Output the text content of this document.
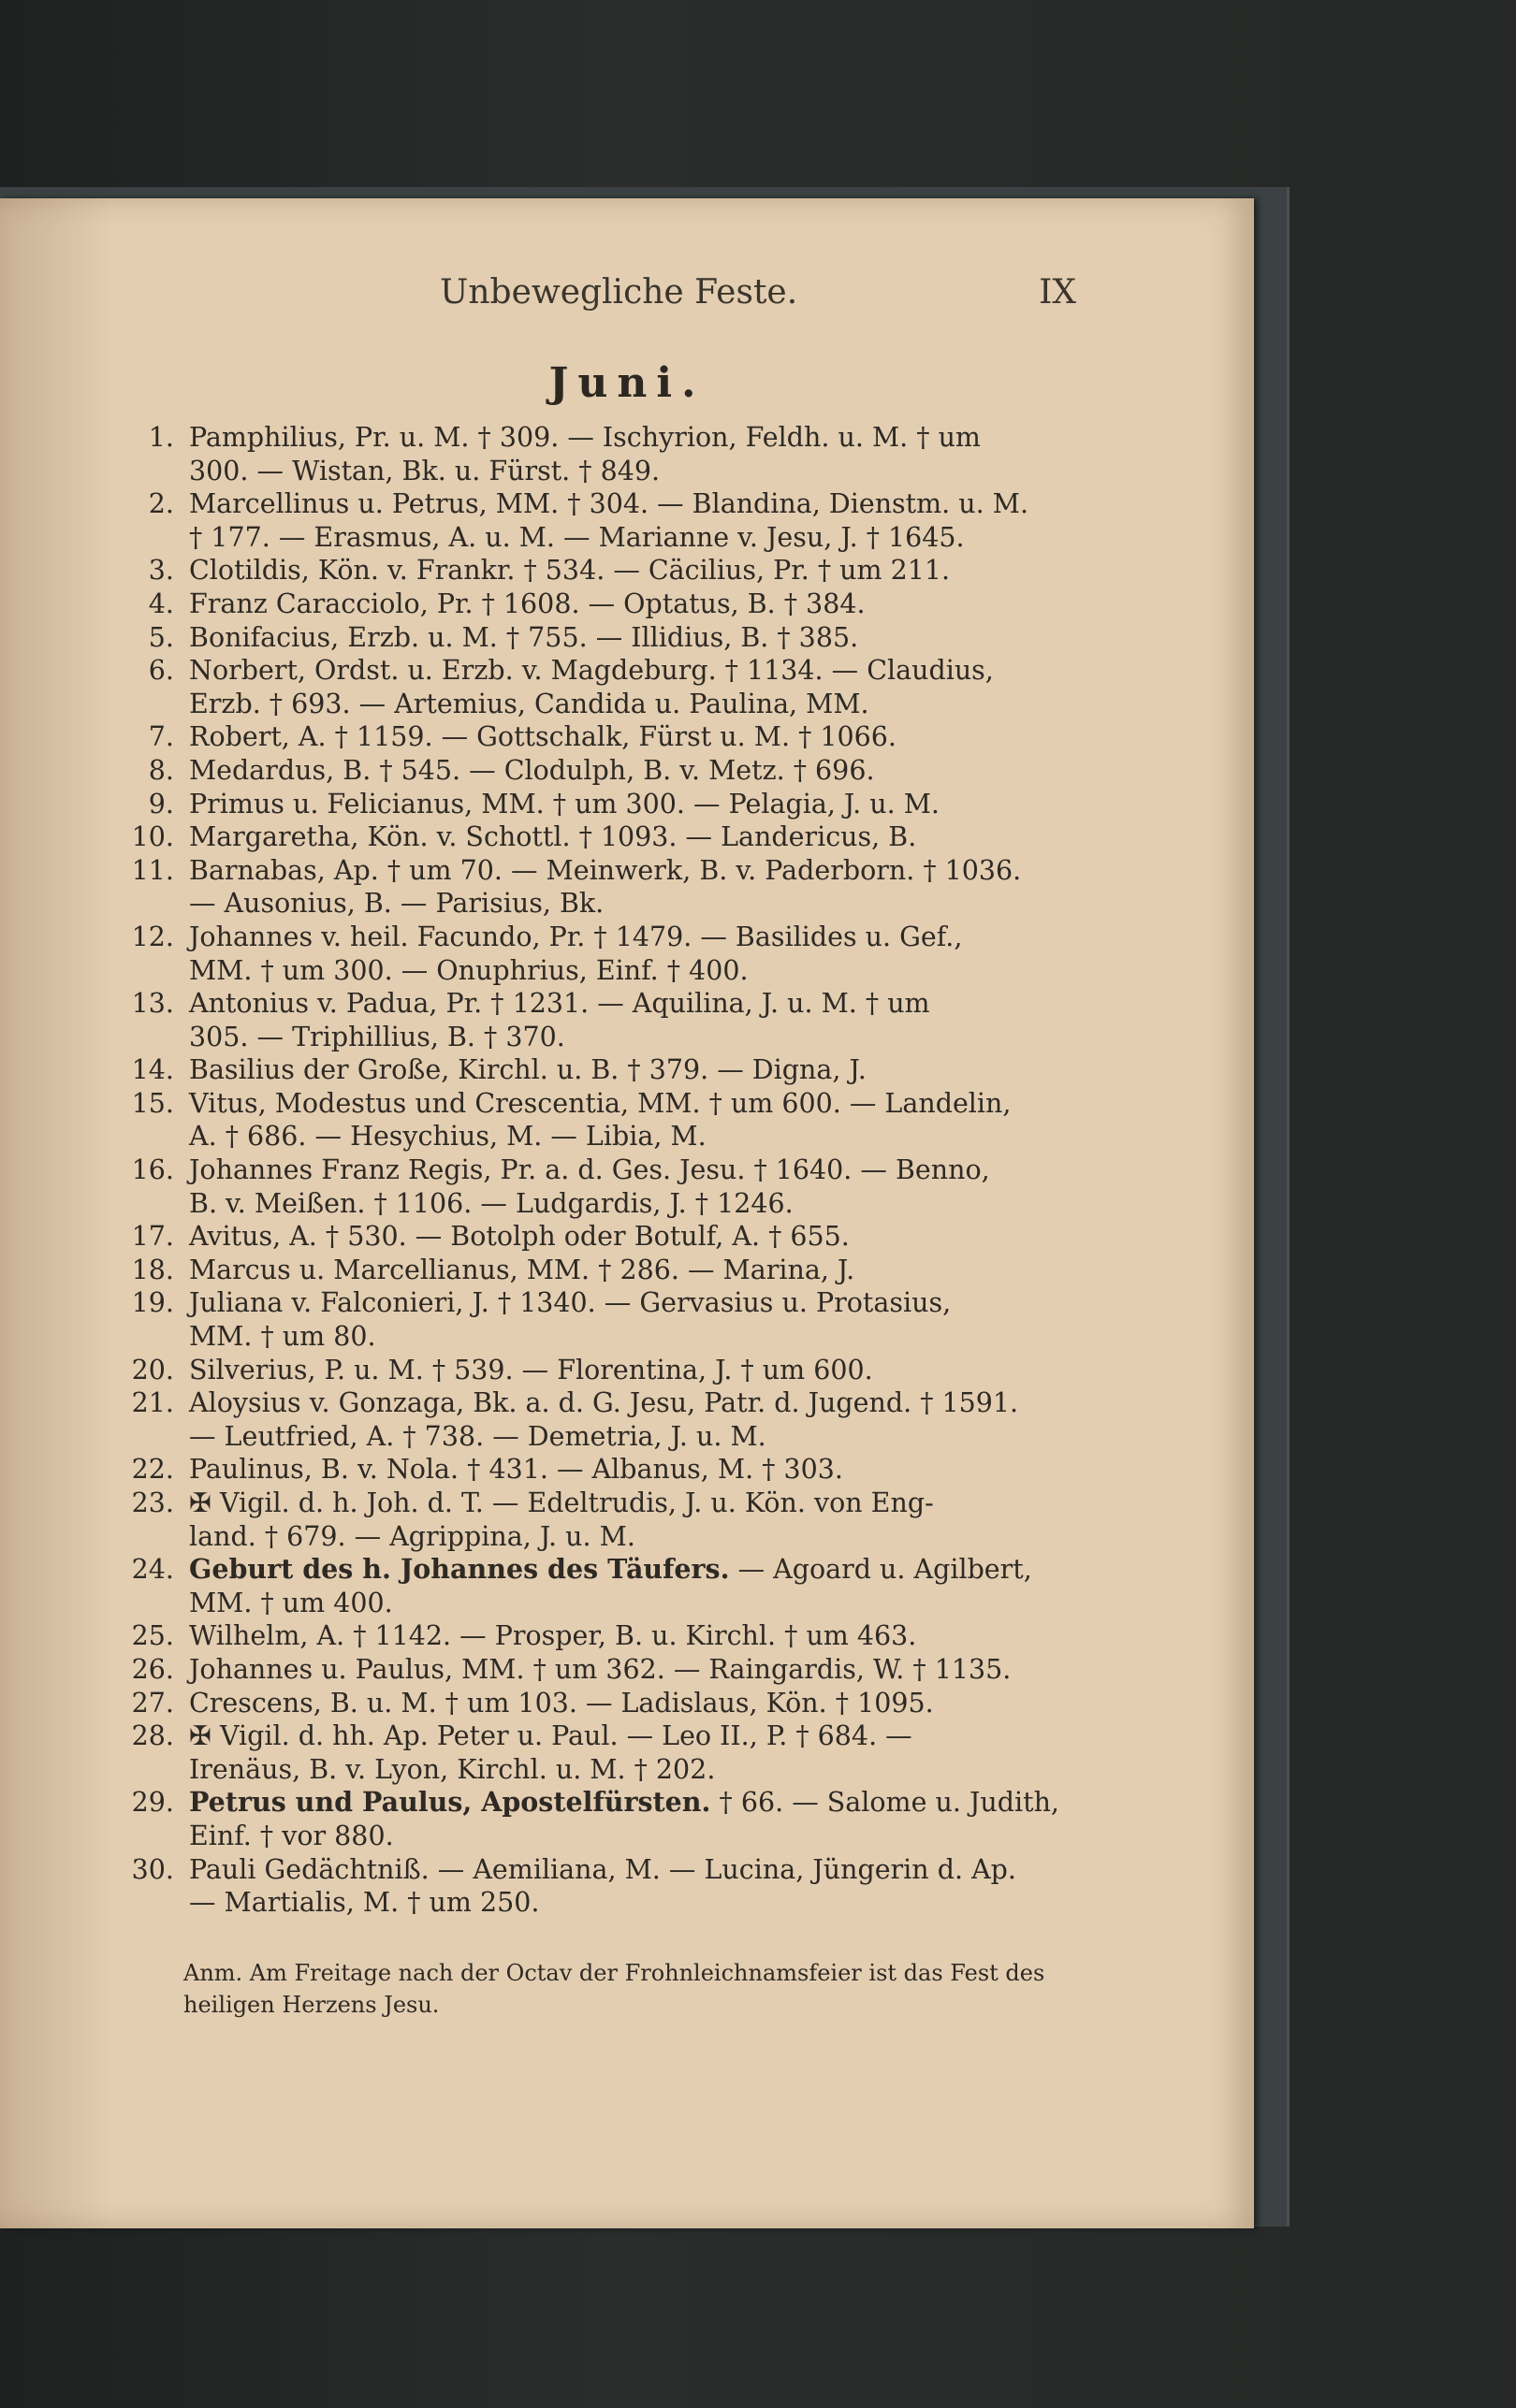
Unbewegliche Feste.	IX
Juni.
1. Pamphilius, Pr. u. M. † 309. — Ischyrion, Feldh. u. M. † um
300. — Wistan, Bk. u. Fürst. † 849.
2. Marcellinus u. Petrus, MM. † 304. — Blandina, Dienstm. u. M.
† 177. — Erasmus, A. u. M. — Marianne v. Jesu, J. † 1645.
3. Clotildis, Kön. v. Frankr. † 534. — Cäcilius, Pr. † um 211.
4. Franz Caracciolo, Pr. † 1608. — Optatus, B. † 384.
5. Bonifacius, Erzb. u. M. † 755. — Illidius, B. † 385.
6. Norbert, Ordst. u. Erzb. v. Magdeburg. † 1134. — Claudius,
Erzb. † 693. — Artemius, Candida u. Paulina, MM.
7. Robert, A. † 1159. — Gottschalk, Fürst u. M. † 1066.
8. Medardus, B. † 545. — Clodulph, B. v. Metz. † 696.
9. Primus u. Felicianus, MM. † um 300. — Pelagia, J. u. M.
10. Margaretha, Kön. v. Schottl. † 1093. — Landericus, B.
11. Barnabas, Ap. † um 70. — Meinwerk, B. v. Paderborn. † 1036.
— Ausonius, B. — Parisius, Bk.
12. Johannes v. heil. Facundo, Pr. † 1479. — Basilides u. Gef.,
MM. † um 300. — Onuphrius, Einf. † 400.
13. Antonius v. Padua, Pr. † 1231. — Aquilina, J. u. M. † um
305. — Triphillius, B. † 370.
14. Basilius der Große, Kirchl. u. B. † 379. — Digna, J.
15. Vitus, Modestus und Crescentia, MM. † um 600. — Landelin,
A. † 686. — Hesychius, M. — Libia, M.
16. Johannes Franz Regis, Pr. a. d. Ges. Jesu. † 1640. — Benno,
B. v. Meißen. † 1106. — Ludgardis, J. † 1246.
17. Avitus, A. † 530. — Botolph oder Botulf, A. † 655.
18. Marcus u. Marcellianus, MM. † 286. — Marina, J.
19. Juliana v. Falconieri, J. † 1340. — Gervasius u. Protasius,
MM. † um 80.
20. Silverius, P. u. M. † 539. — Florentina, J. † um 600.
21. Aloysius v. Gonzaga, Bk. a. d. G. Jesu, Patr. d. Jugend. † 1591.
— Leutfried, A. † 738. — Demetria, J. u. M.
22. Paulinus, B. v. Nola. † 431. — Albanus, M. † 303.
23. ✠ Vigil. d. h. Joh. d. T. — Edeltrudis, J. u. Kön. von Eng-
land. † 679. — Agrippina, J. u. M.
24. Geburt des h. Johannes des Täufers. — Agoard u. Agilbert,
MM. † um 400.
25. Wilhelm, A. † 1142. — Prosper, B. u. Kirchl. † um 463.
26. Johannes u. Paulus, MM. † um 362. — Raingardis, W. † 1135.
27. Crescens, B. u. M. † um 103. — Ladislaus, Kön. † 1095.
28. ✠ Vigil. d. hh. Ap. Peter u. Paul. — Leo II., P. † 684. —
Irenäus, B. v. Lyon, Kirchl. u. M. † 202.
29. Petrus und Paulus, Apostelfürsten. † 66. — Salome u. Judith,
Einf. † vor 880.
30. Pauli Gedächtniß. — Aemiliana, M. — Lucina, Jüngerin d. Ap.
— Martialis, M. † um 250.
Anm. Am Freitage nach der Octav der Frohnleichnamsfeier ist das Fest des
heiligen Herzens Jesu.
